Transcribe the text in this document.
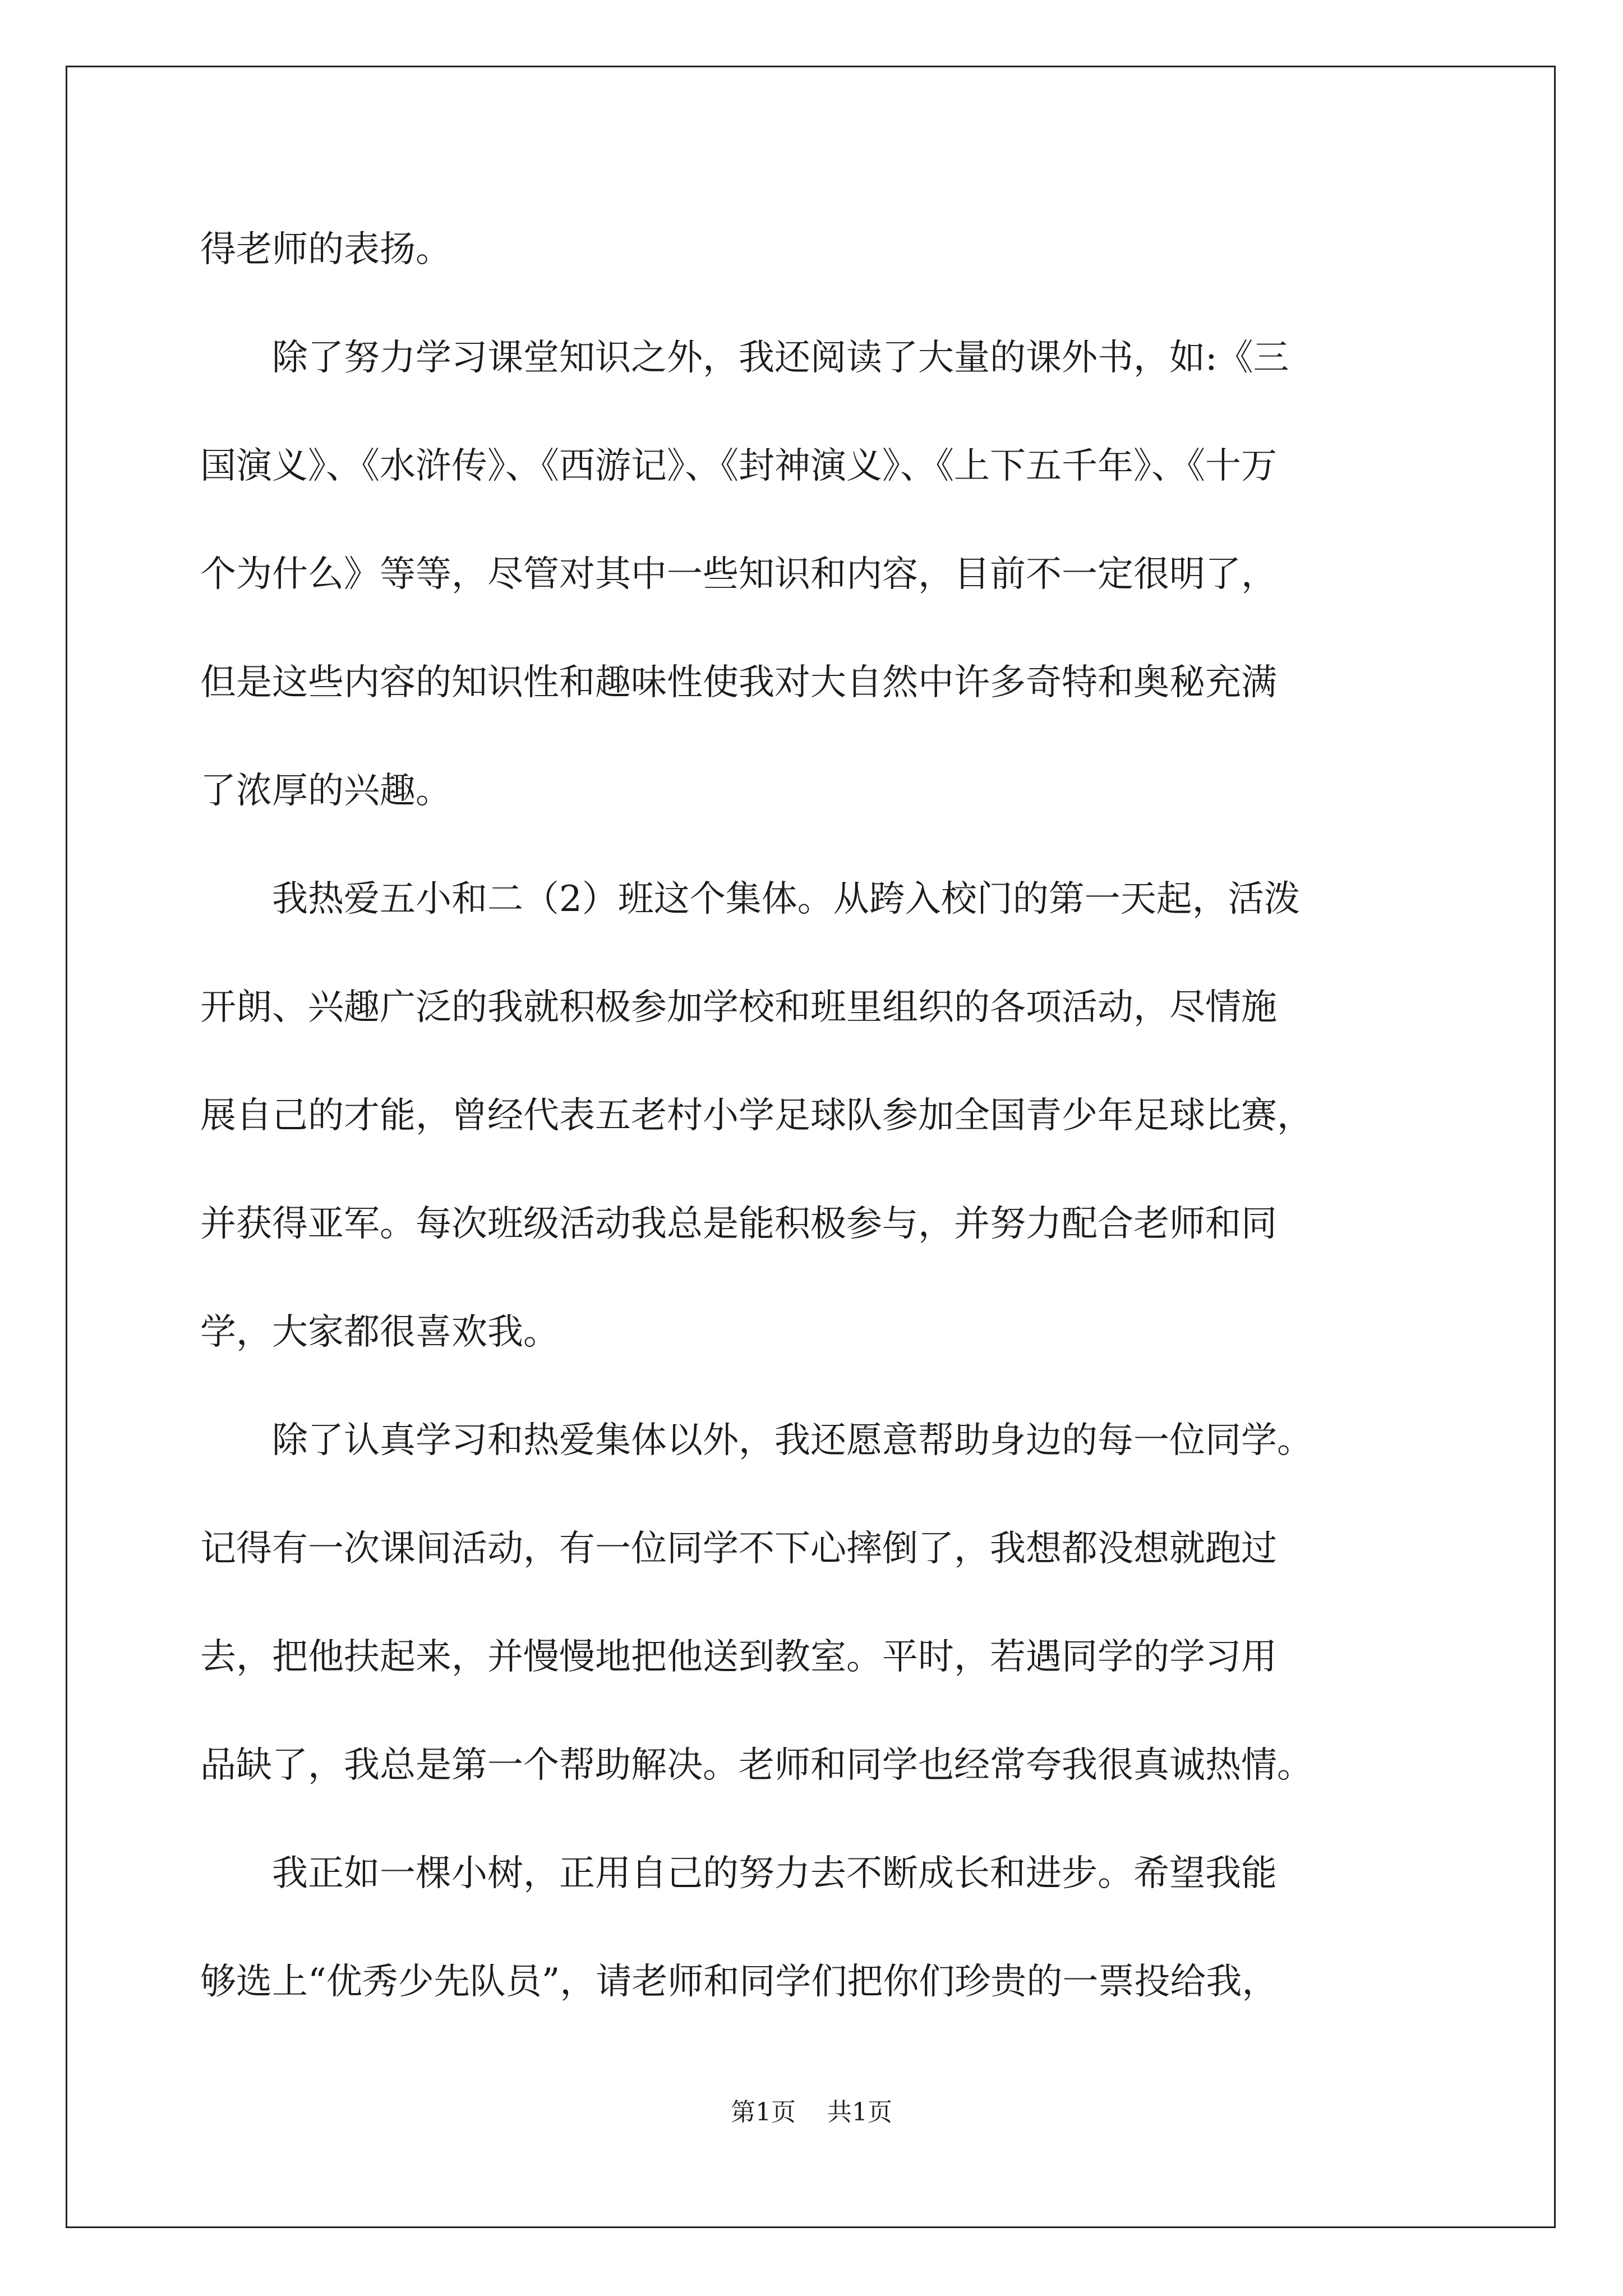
得老师的表扬。
　　除了努力学习课堂知识之外，我还阅读了大量的课外书，如:《三
国演义》、《水浒传》、《西游记》、《封神演义》、《上下五千年》、《十万
个为什么》等等，尽管对其中一些知识和内容，目前不一定很明了，
但是这些内容的知识性和趣味性使我对大自然中许多奇特和奥秘充满
了浓厚的兴趣。
　　我热爱五小和二（2）班这个集体。从跨入校门的第一天起，活泼
开朗、兴趣广泛的我就积极参加学校和班里组织的各项活动，尽情施
展自己的才能，曾经代表五老村小学足球队参加全国青少年足球比赛，
并获得亚军。每次班级活动我总是能积极参与，并努力配合老师和同
学，大家都很喜欢我。
　　除了认真学习和热爱集体以外，我还愿意帮助身边的每一位同学。
记得有一次课间活动，有一位同学不下心摔倒了，我想都没想就跑过
去，把他扶起来，并慢慢地把他送到教室。平时，若遇同学的学习用
品缺了，我总是第一个帮助解决。老师和同学也经常夸我很真诚热情。
　　我正如一棵小树，正用自己的努力去不断成长和进步。希望我能
够选上“优秀少先队员”，请老师和同学们把你们珍贵的一票投给我，
第1页 共1页
